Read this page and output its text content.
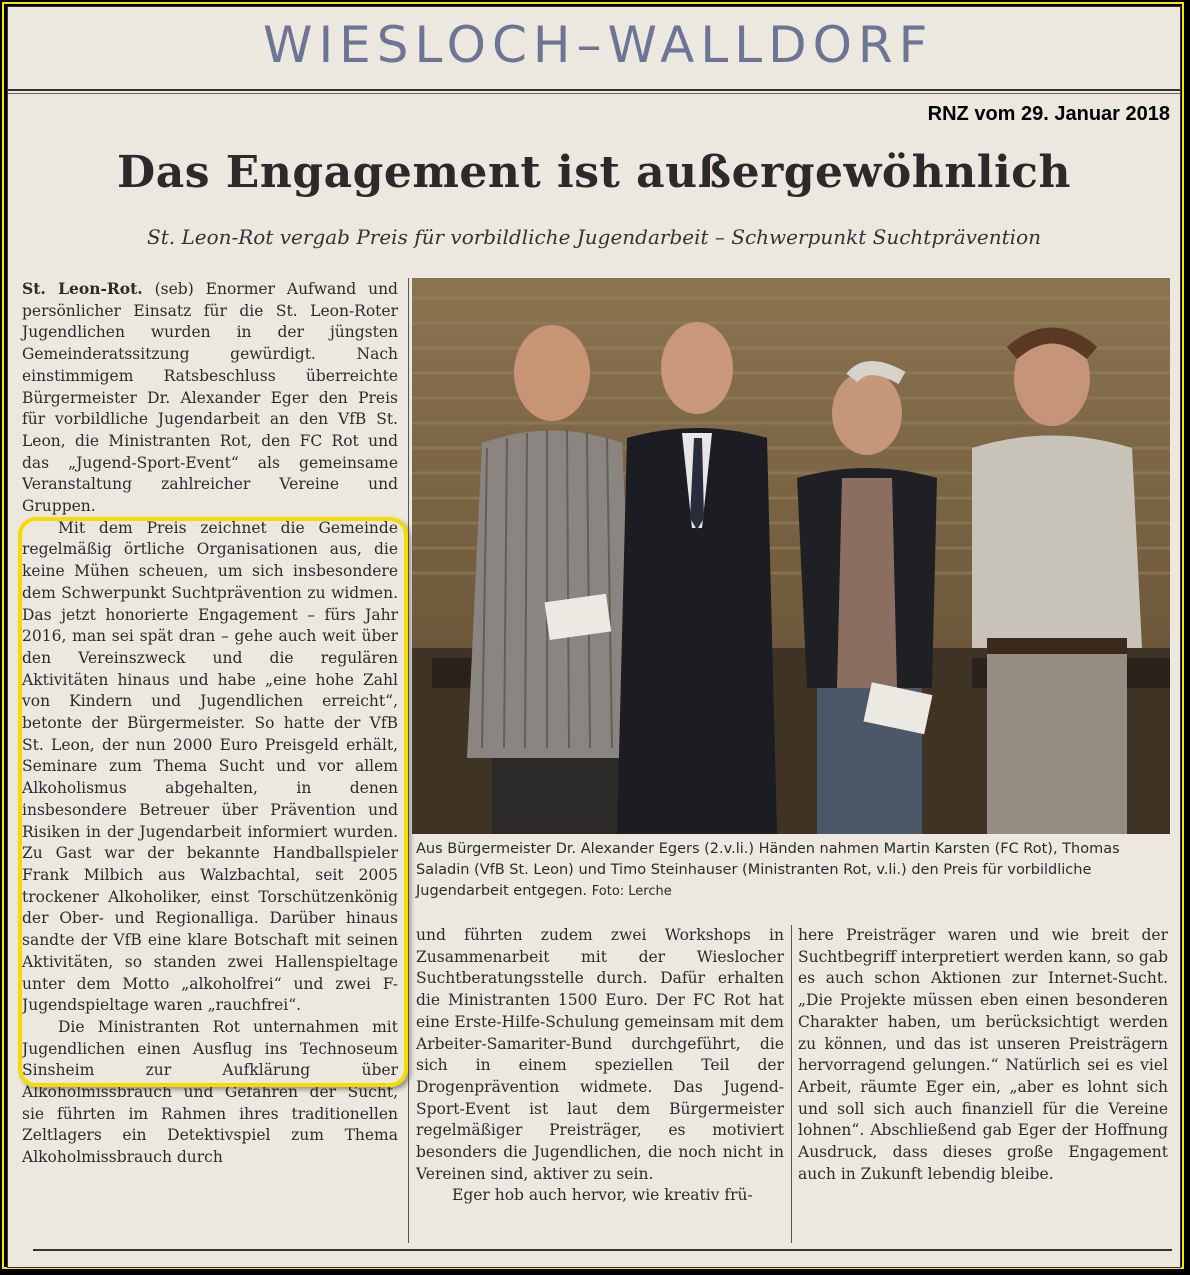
WIESLOCH–WALLDORF
RNZ vom 29. Januar 2018
Das Engagement ist außergewöhnlich
St. Leon-Rot vergab Preis für vorbildliche Jugendarbeit – Schwerpunkt Suchtprävention

St. Leon-Rot. (seb) Enormer Aufwand und persönlicher Einsatz für die St. Leon-Roter Jugendlichen wurden in der jüngsten Gemeinderatssitzung gewürdigt. Nach einstimmigem Ratsbeschluss überreichte Bürgermeister Dr. Alexander Eger den Preis für vorbildliche Jugendarbeit an den VfB St. Leon, die Ministranten Rot, den FC Rot und das „Jugend-Sport-Event“ als gemeinsame Veranstaltung zahlreicher Vereine und Gruppen.

Mit dem Preis zeichnet die Gemeinde regelmäßig örtliche Organisationen aus, die keine Mühen scheuen, um sich insbesondere dem Schwerpunkt Suchtprävention zu widmen. Das jetzt honorierte Engagement – fürs Jahr 2016, man sei spät dran – gehe auch weit über den Vereinszweck und die regulären Aktivitäten hinaus und habe „eine hohe Zahl von Kindern und Jugendlichen erreicht“, betonte der Bürgermeister. So hatte der VfB St. Leon, der nun 2000 Euro Preisgeld erhält, Seminare zum Thema Sucht und vor allem Alkoholismus abgehalten, in denen insbesondere Betreuer über Prävention und Risiken in der Jugendarbeit informiert wurden. Zu Gast war der bekannte Handballspieler Frank Milbich aus Walzbachtal, seit 2005 trockener Alkoholiker, einst Torschützenkönig der Ober- und Regionalliga. Darüber hinaus sandte der VfB eine klare Botschaft mit seinen Aktivitäten, so standen zwei Hallenspieltage unter dem Motto „alkoholfrei“ und zwei F-Jugendspieltage waren „rauchfrei“.

Die Ministranten Rot unternahmen mit Jugendlichen einen Ausflug ins Technoseum Sinsheim zur Aufklärung über Alkoholmissbrauch und Gefahren der Sucht, sie führten im Rahmen ihres traditionellen Zeltlagers ein Detektivspiel zum Thema Alkoholmissbrauch durch

Aus Bürgermeister Dr. Alexander Egers (2.v.li.) Händen nahmen Martin Karsten (FC Rot), Thomas Saladin (VfB St. Leon) und Timo Steinhauser (Ministranten Rot, v.li.) den Preis für vorbildliche Jugendarbeit entgegen. Foto: Lerche

und führten zudem zwei Workshops in Zusammenarbeit mit der Wieslocher Suchtberatungsstelle durch. Dafür erhalten die Ministranten 1500 Euro. Der FC Rot hat eine Erste-Hilfe-Schulung gemeinsam mit dem Arbeiter-Samariter-Bund durchgeführt, die sich in einem speziellen Teil der Drogenprävention widmete. Das Jugend-Sport-Event ist laut dem Bürgermeister regelmäßiger Preisträger, es motiviert besonders die Jugendlichen, die noch nicht in Vereinen sind, aktiver zu sein.

Eger hob auch hervor, wie kreativ frü-

here Preisträger waren und wie breit der Suchtbegriff interpretiert werden kann, so gab es auch schon Aktionen zur Internet-Sucht. „Die Projekte müssen eben einen besonderen Charakter haben, um berücksichtigt werden zu können, und das ist unseren Preisträgern hervorragend gelungen.“ Natürlich sei es viel Arbeit, räumte Eger ein, „aber es lohnt sich und soll sich auch finanziell für die Vereine lohnen“. Abschließend gab Eger der Hoffnung Ausdruck, dass dieses große Engagement auch in Zukunft lebendig bleibe.
